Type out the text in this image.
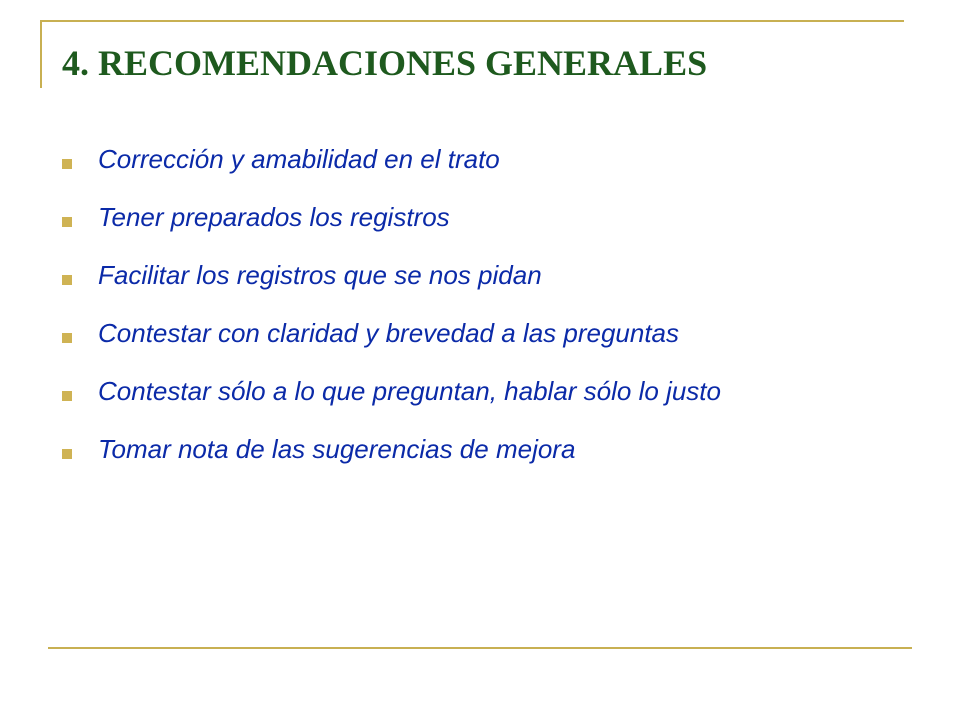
4. RECOMENDACIONES GENERALES
Corrección y amabilidad en el trato
Tener preparados los registros
Facilitar los registros que se nos pidan
Contestar con claridad y brevedad a las preguntas
Contestar sólo a lo que preguntan, hablar sólo lo justo
Tomar nota de las sugerencias de mejora
